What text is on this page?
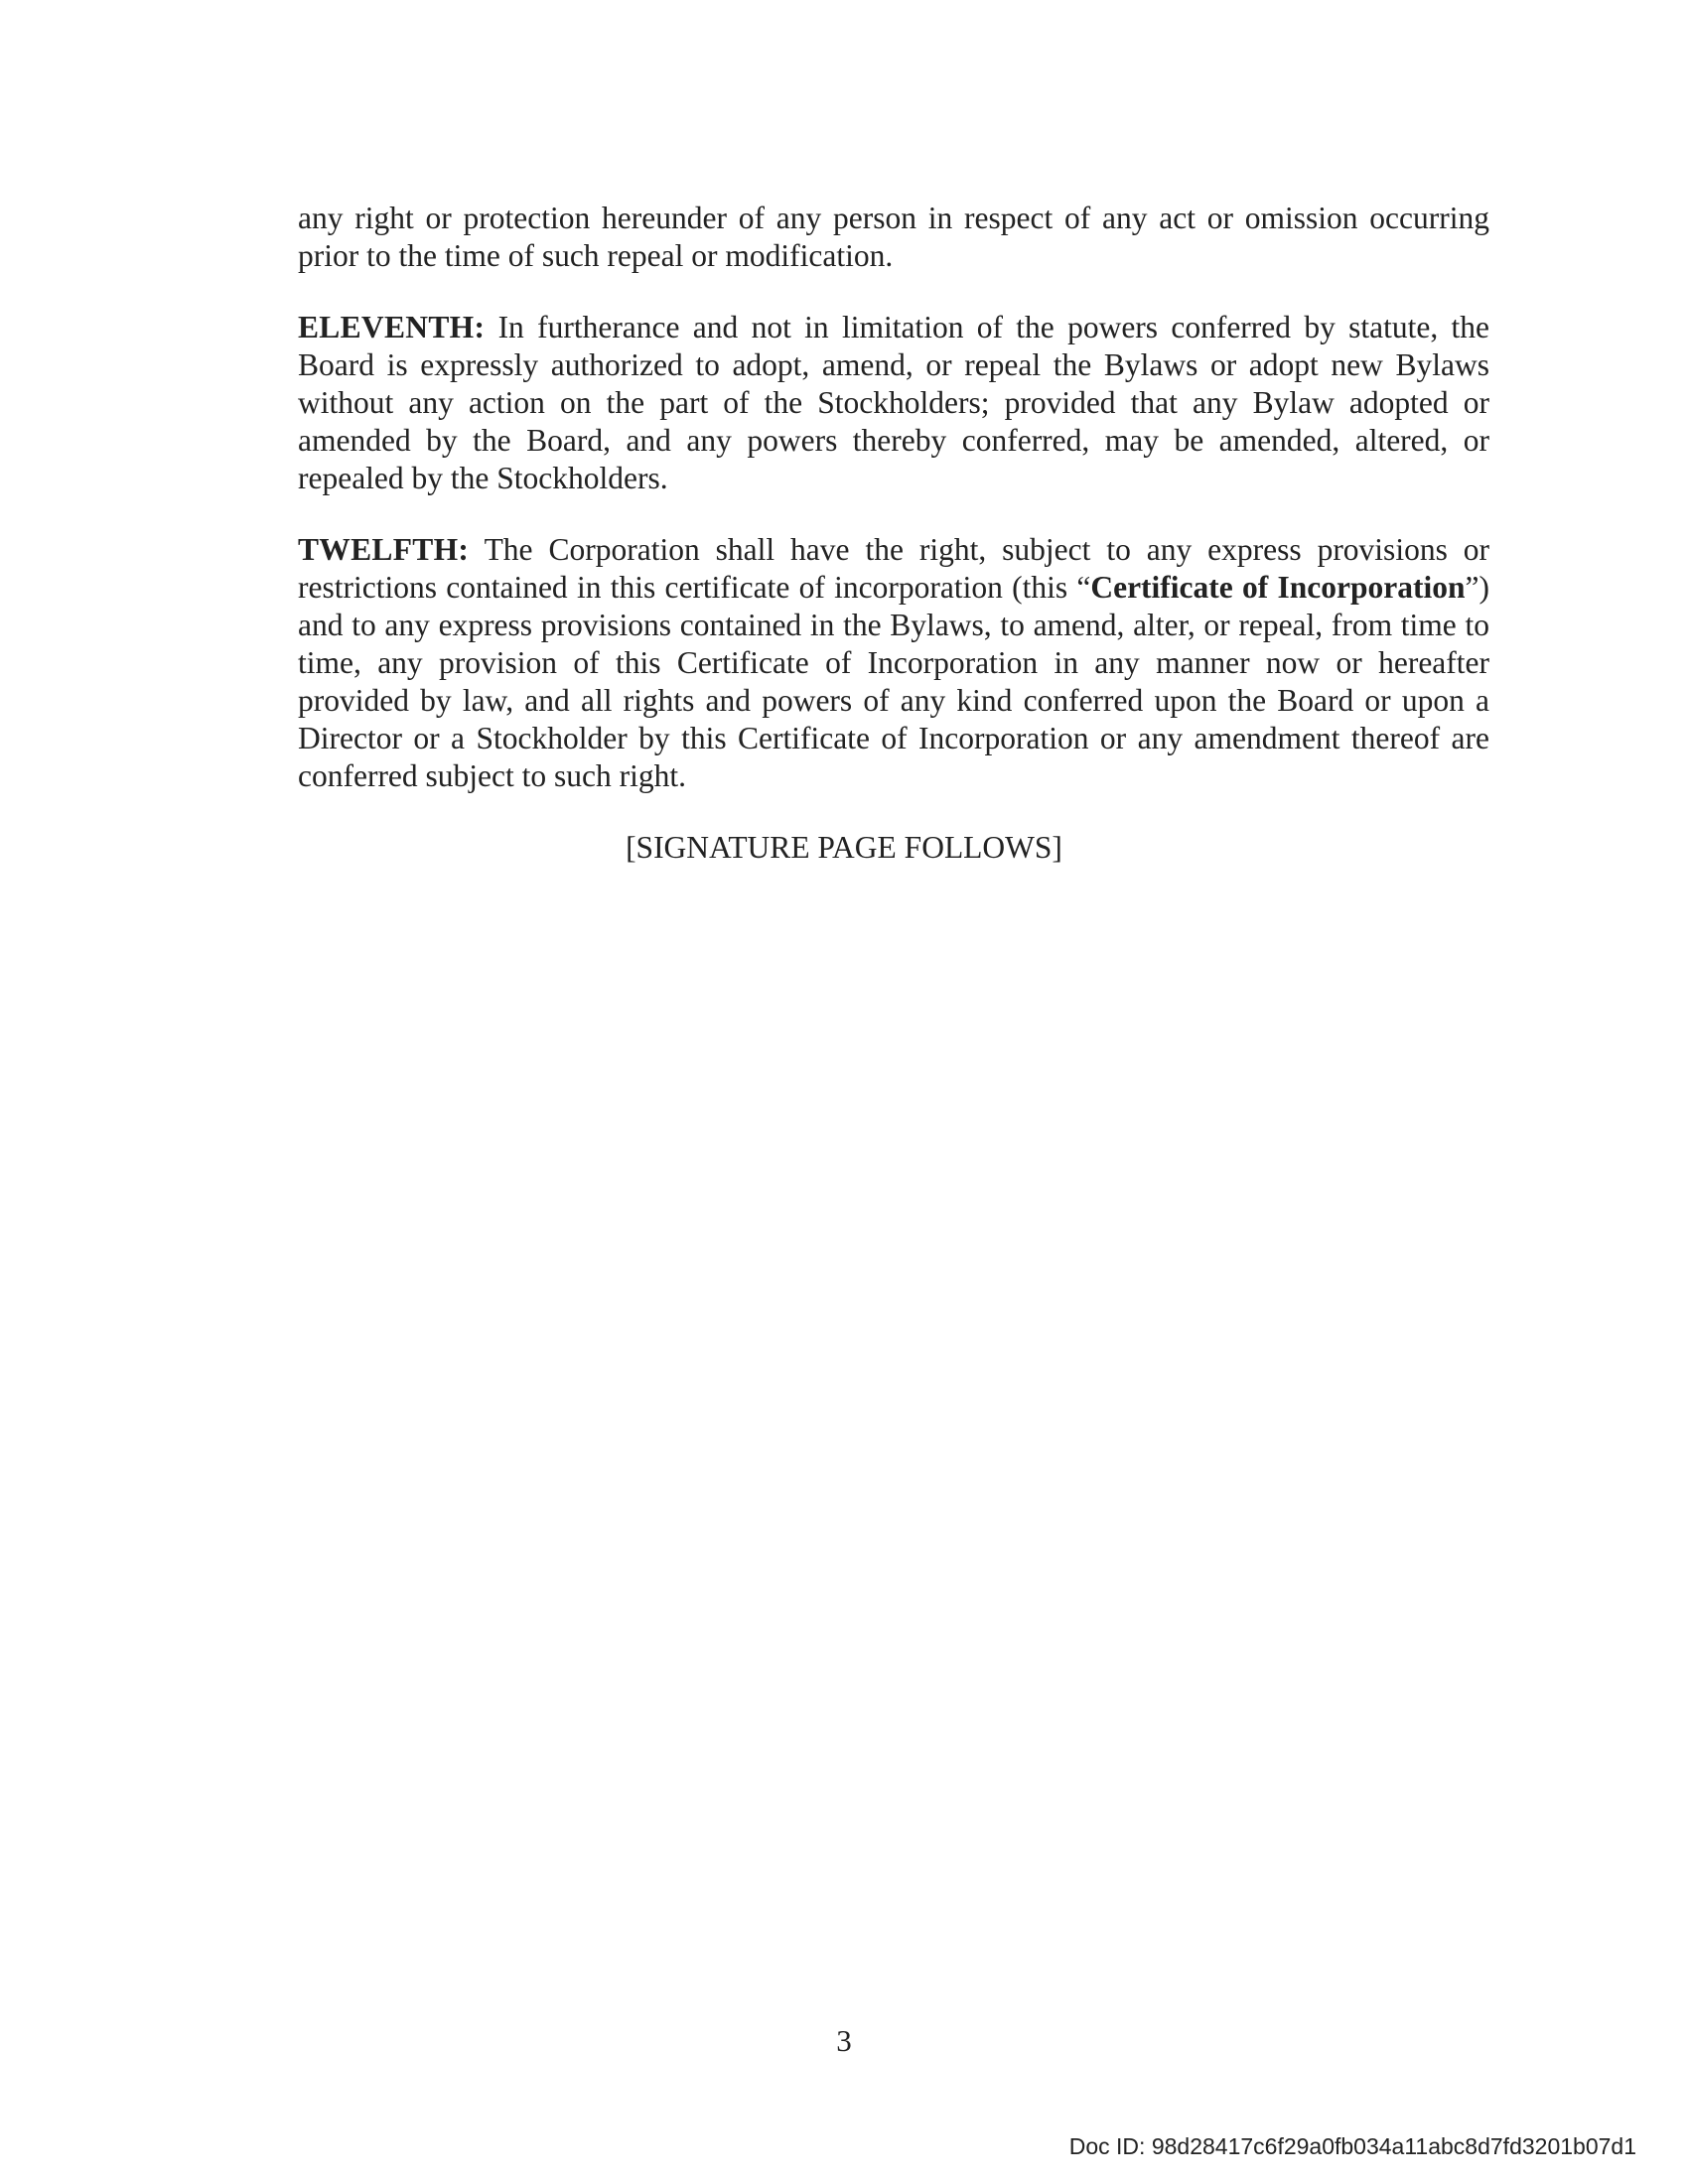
any right or protection hereunder of any person in respect of any act or omission occurring prior to the time of such repeal or modification.

ELEVENTH: In furtherance and not in limitation of the powers conferred by statute, the Board is expressly authorized to adopt, amend, or repeal the Bylaws or adopt new Bylaws without any action on the part of the Stockholders; provided that any Bylaw adopted or amended by the Board, and any powers thereby conferred, may be amended, altered, or repealed by the Stockholders.

TWELFTH: The Corporation shall have the right, subject to any express provisions or restrictions contained in this certificate of incorporation (this “Certificate of Incorporation”) and to any express provisions contained in the Bylaws, to amend, alter, or repeal, from time to time, any provision of this Certificate of Incorporation in any manner now or hereafter provided by law, and all rights and powers of any kind conferred upon the Board or upon a Director or a Stockholder by this Certificate of Incorporation or any amendment thereof are conferred subject to such right.

[SIGNATURE PAGE FOLLOWS]
3
Doc ID: 98d28417c6f29a0fb034a11abc8d7fd3201b07d1
